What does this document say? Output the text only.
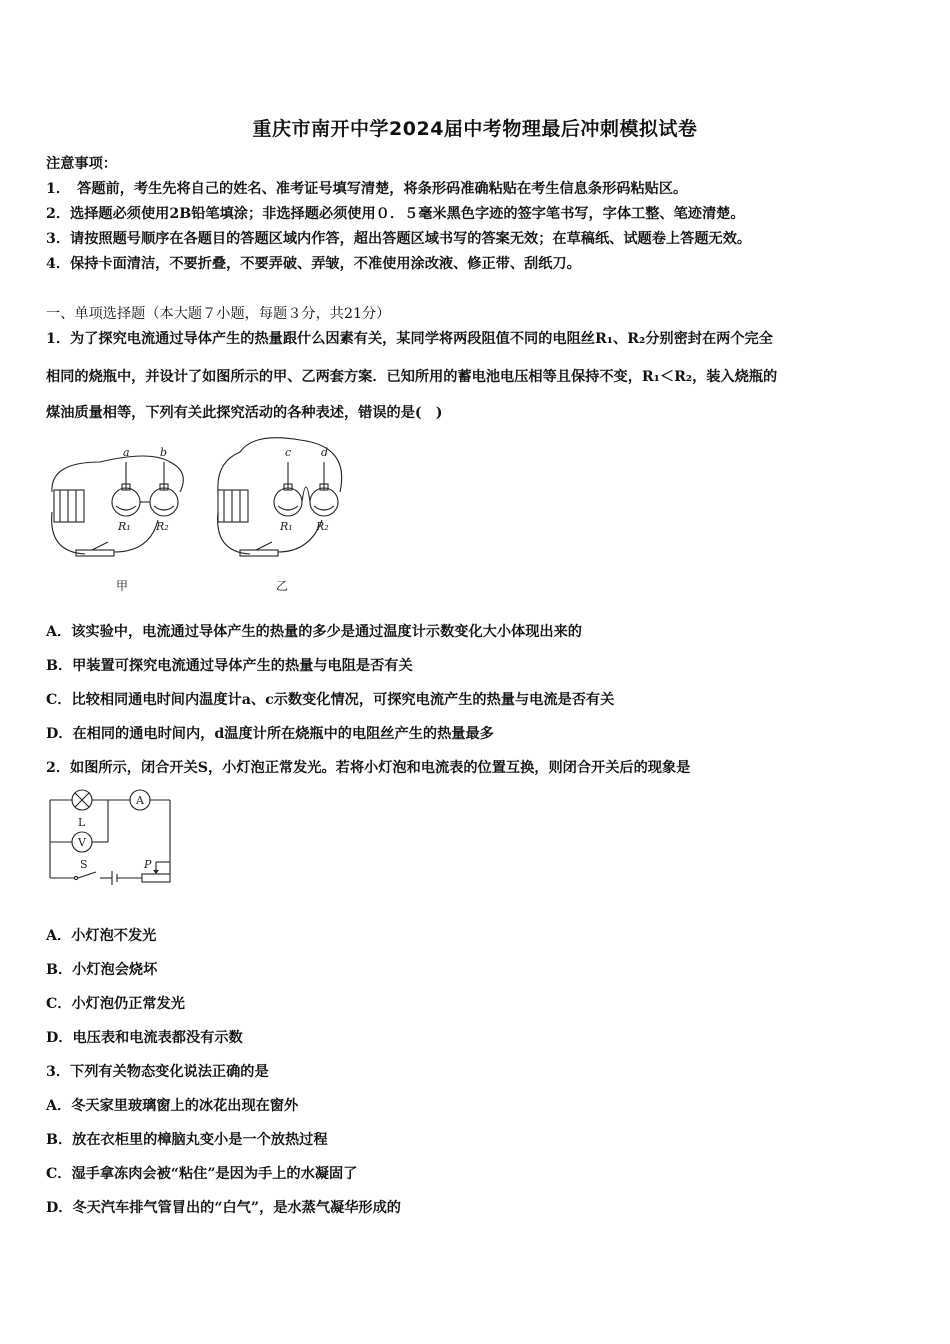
重庆市南开中学2024届中考物理最后冲刺模拟试卷
注意事项：
1．　答题前，考生先将自己的姓名、准考证号填写清楚，将条形码准确粘贴在考生信息条形码粘贴区。
2．选择题必须使用2B铅笔填涂；非选择题必须使用０．５毫米黑色字迹的签字笔书写，字体工整、笔迹清楚。
3．请按照题号顺序在各题目的答题区域内作答，超出答题区域书写的答案无效；在草稿纸、试题卷上答题无效。
4．保持卡面清洁，不要折叠，不要弄破、弄皱，不准使用涂改液、修正带、刮纸刀。
一、单项选择题（本大题７小题，每题３分，共21分）
1．为了探究电流通过导体产生的热量跟什么因素有关，某同学将两段阻值不同的电阻丝R₁、R₂分别密封在两个完全
相同的烧瓶中，并设计了如图所示的甲、乙两套方案．已知所用的蓄电池电压相等且保持不变，R₁＜R₂，装入烧瓶的
煤油质量相等，下列有关此探究活动的各种表述，错误的是(　)
a	b	c	d
R₁ R₂	R₁ R₂
甲	乙
A．该实验中，电流通过导体产生的热量的多少是通过温度计示数变化大小体现出来的
B．甲装置可探究电流通过导体产生的热量与电阻是否有关
C．比较相同通电时间内温度计a、c示数变化情况，可探究电流产生的热量与电流是否有关
D．在相同的通电时间内，d温度计所在烧瓶中的电阻丝产生的热量最多
2．如图所示，闭合开关S，小灯泡正常发光。若将小灯泡和电流表的位置互换，则闭合开关后的现象是
A
V
L
S	P
A．小灯泡不发光
B．小灯泡会烧坏
C．小灯泡仍正常发光
D．电压表和电流表都没有示数
3．下列有关物态变化说法正确的是
A．冬天家里玻璃窗上的冰花出现在窗外
B．放在衣柜里的樟脑丸变小是一个放热过程
C．湿手拿冻肉会被“粘住”是因为手上的水凝固了
D．冬天汽车排气管冒出的“白气”，是水蒸气凝华形成的
